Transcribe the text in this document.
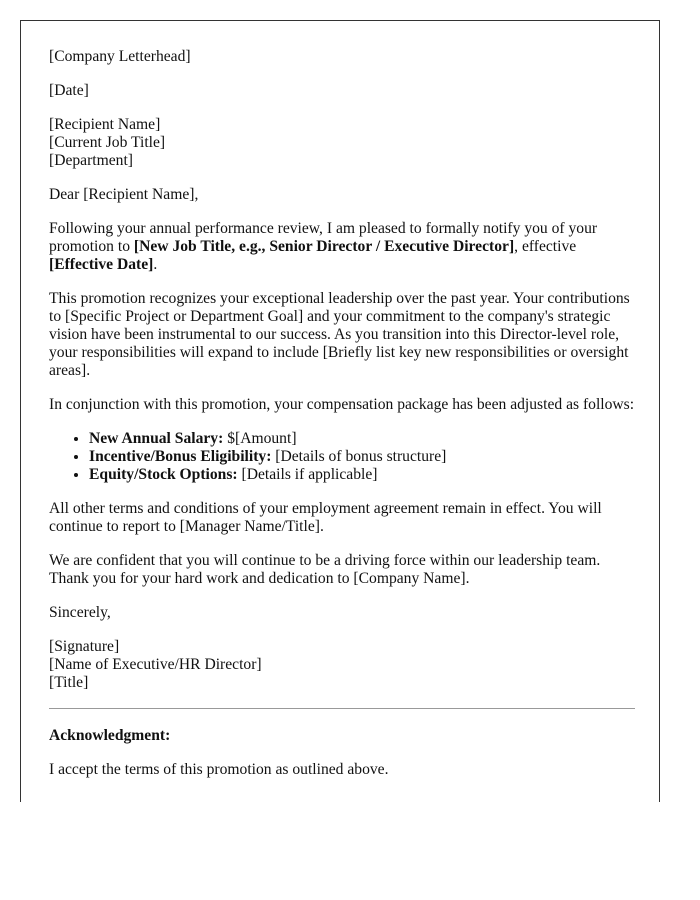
[Company Letterhead]

[Date]

[Recipient Name]
[Current Job Title]
[Department]

Dear [Recipient Name],

Following your annual performance review, I am pleased to formally notify you of your promotion to [New Job Title, e.g., Senior Director / Executive Director], effective [Effective Date].

This promotion recognizes your exceptional leadership over the past year. Your contributions to [Specific Project or Department Goal] and your commitment to the company's strategic vision have been instrumental to our success. As you transition into this Director-level role, your responsibilities will expand to include [Briefly list key new responsibilities or oversight areas].

In conjunction with this promotion, your compensation package has been adjusted as follows:

• New Annual Salary: $[Amount]
• Incentive/Bonus Eligibility: [Details of bonus structure]
• Equity/Stock Options: [Details if applicable]

All other terms and conditions of your employment agreement remain in effect. You will continue to report to [Manager Name/Title].

We are confident that you will continue to be a driving force within our leadership team. Thank you for your hard work and dedication to [Company Name].

Sincerely,

[Signature]
[Name of Executive/HR Director]
[Title]

Acknowledgment:

I accept the terms of this promotion as outlined above.
